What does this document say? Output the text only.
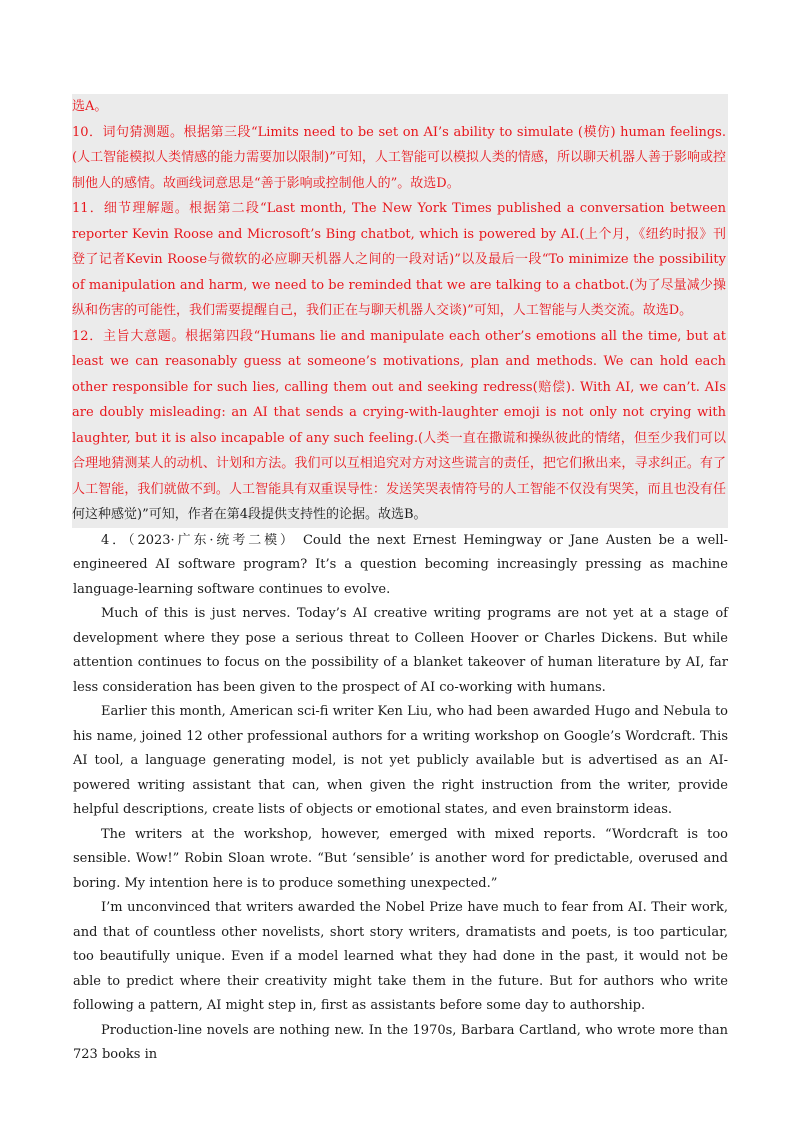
选A。

10．词句猜测题。根据第三段“Limits need to be set on AI’s ability to simulate (模仿) human feelings.(人工智能模拟人类情感的能力需要加以限制)”可知，人工智能可以模拟人类的情感，所以聊天机器人善于影响或控制他人的感情。故画线词意思是“善于影响或控制他人的”。故选D。

11．细节理解题。根据第二段“Last month, The New York Times published a conversation between reporter Kevin Roose and Microsoft’s Bing chatbot, which is powered by AI.(上个月，《纽约时报》刊登了记者Kevin Roose与微软的必应聊天机器人之间的一段对话)”以及最后一段“To minimize the possibility of manipulation and harm, we need to be reminded that we are talking to a chatbot.(为了尽量减少操纵和伤害的可能性，我们需要提醒自己，我们正在与聊天机器人交谈)”可知，人工智能与人类交流。故选D。

12．主旨大意题。根据第四段“Humans lie and manipulate each other’s emotions all the time, but at least we can reasonably guess at someone’s motivations, plan and methods. We can hold each other responsible for such lies, calling them out and seeking redress(赔偿). With AI, we can’t. AIs are doubly misleading: an AI that sends a crying-with-laughter emoji is not only not crying with laughter, but it is also incapable of any such feeling.(人类一直在撒谎和操纵彼此的情绪，但至少我们可以合理地猜测某人的动机、计划和方法。我们可以互相追究对方对这些谎言的责任，把它们揪出来，寻求纠正。有了人工智能，我们就做不到。人工智能具有双重误导性：发送笑哭表情符号的人工智能不仅没有哭笑，而且也没有任何这种感觉)”可知，作者在第4段提供支持性的论据。故选B。

4．（2023·广东·统考二模） Could the next Ernest Hemingway or Jane Austen be a well-engineered AI software program? It’s a question becoming increasingly pressing as machine language-learning software continues to evolve.

Much of this is just nerves. Today’s AI creative writing programs are not yet at a stage of development where they pose a serious threat to Colleen Hoover or Charles Dickens. But while attention continues to focus on the possibility of a blanket takeover of human literature by AI, far less consideration has been given to the prospect of AI co-working with humans.

Earlier this month, American sci-fi writer Ken Liu, who had been awarded Hugo and Nebula to his name, joined 12 other professional authors for a writing workshop on Google’s Wordcraft. This AI tool, a language generating model, is not yet publicly available but is advertised as an AI-powered writing assistant that can, when given the right instruction from the writer, provide helpful descriptions, create lists of objects or emotional states, and even brainstorm ideas.

The writers at the workshop, however, emerged with mixed reports. “Wordcraft is too sensible. Wow!” Robin Sloan wrote. “But ‘sensible’ is another word for predictable, overused and boring. My intention here is to produce something unexpected.”

I’m unconvinced that writers awarded the Nobel Prize have much to fear from AI. Their work, and that of countless other novelists, short story writers, dramatists and poets, is too particular, too beautifully unique. Even if a model learned what they had done in the past, it would not be able to predict where their creativity might take them in the future. But for authors who write following a pattern, AI might step in, first as assistants before some day to authorship.

Production-line novels are nothing new. In the 1970s, Barbara Cartland, who wrote more than 723 books in
